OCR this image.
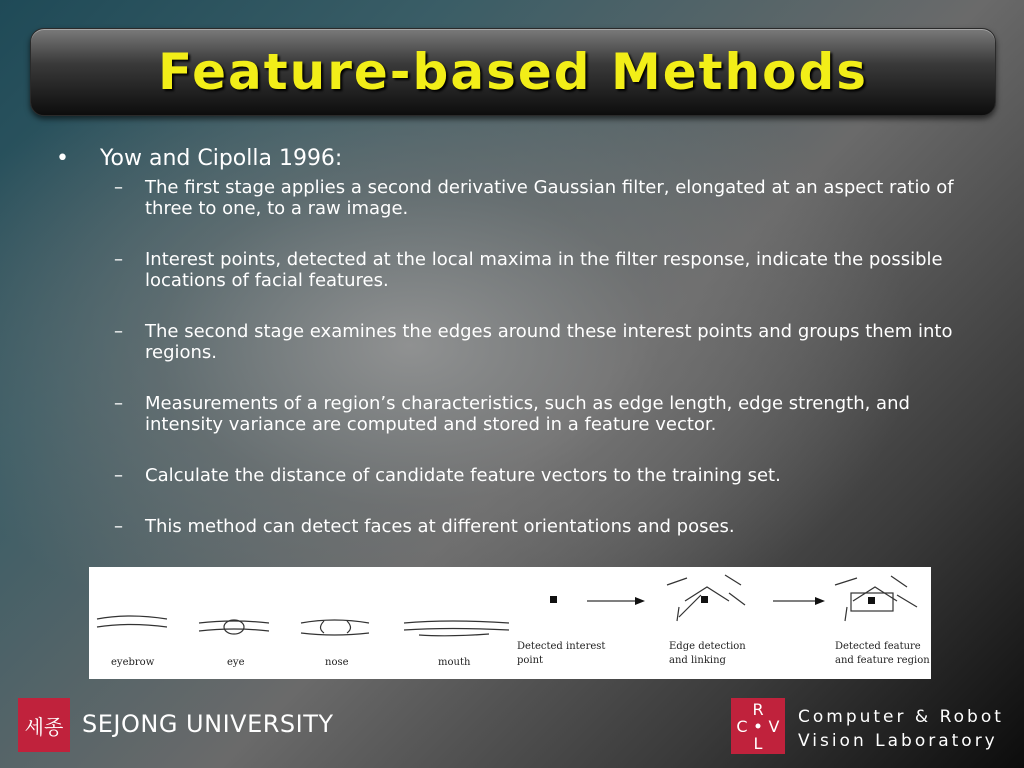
Feature-based Methods
•	Yow and Cipolla 1996:
–	The first stage applies a second derivative Gaussian filter, elongated at an aspect ratio of three to one, to a raw image.
–	Interest points, detected at the local maxima in the filter response, indicate the possible locations of facial features.
–	The second stage examines the edges around these interest points and groups them into regions.
–	Measurements of a region’s characteristics, such as edge length, edge strength, and intensity variance are computed and stored in a feature vector.
–	Calculate the distance of candidate feature vectors to the training set.
–	This method can detect faces at different orientations and poses.
eyebrow	eye	nose	mouth
Detected interest
point
Edge detection
and linking
Detected feature
and feature region
세종 SEJONG UNIVERSITY
R
C V
L
Computer & Robot
Vision Laboratory
